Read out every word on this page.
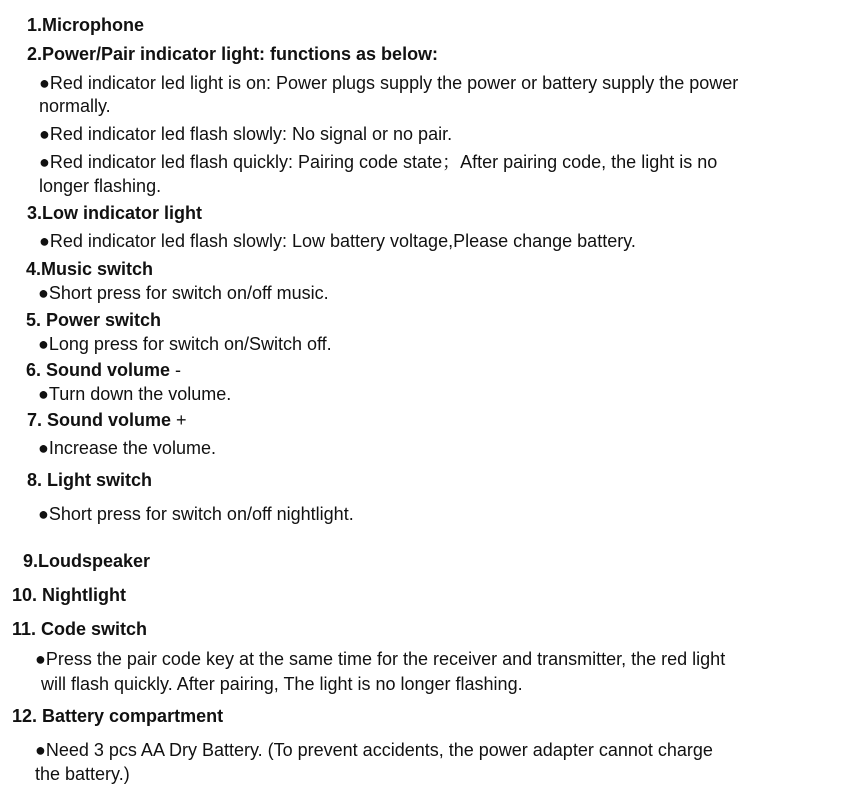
1.Microphone
2.Power/Pair indicator light: functions as below:
●Red indicator led light is on: Power plugs supply the power or battery supply the power
normally.
●Red indicator led flash slowly: No signal or no pair.
●Red indicator led flash quickly: Pairing code state；After pairing code, the light is no
longer flashing.
3.Low indicator light
●Red indicator led flash slowly: Low battery voltage,Please change battery.
4.Music switch
●Short press for switch on/off music.
5. Power switch
●Long press for switch on/Switch off.
6. Sound volume -
●Turn down the volume.
7. Sound volume +
●Increase the volume.
8. Light switch
●Short press for switch on/off nightlight.
9.Loudspeaker
10. Nightlight
11. Code switch
●Press the pair code key at the same time for the receiver and transmitter, the red light
will flash quickly. After pairing, The light is no longer flashing.
12. Battery compartment
●Need 3 pcs AA Dry Battery. (To prevent accidents, the power adapter cannot charge
the battery.)
